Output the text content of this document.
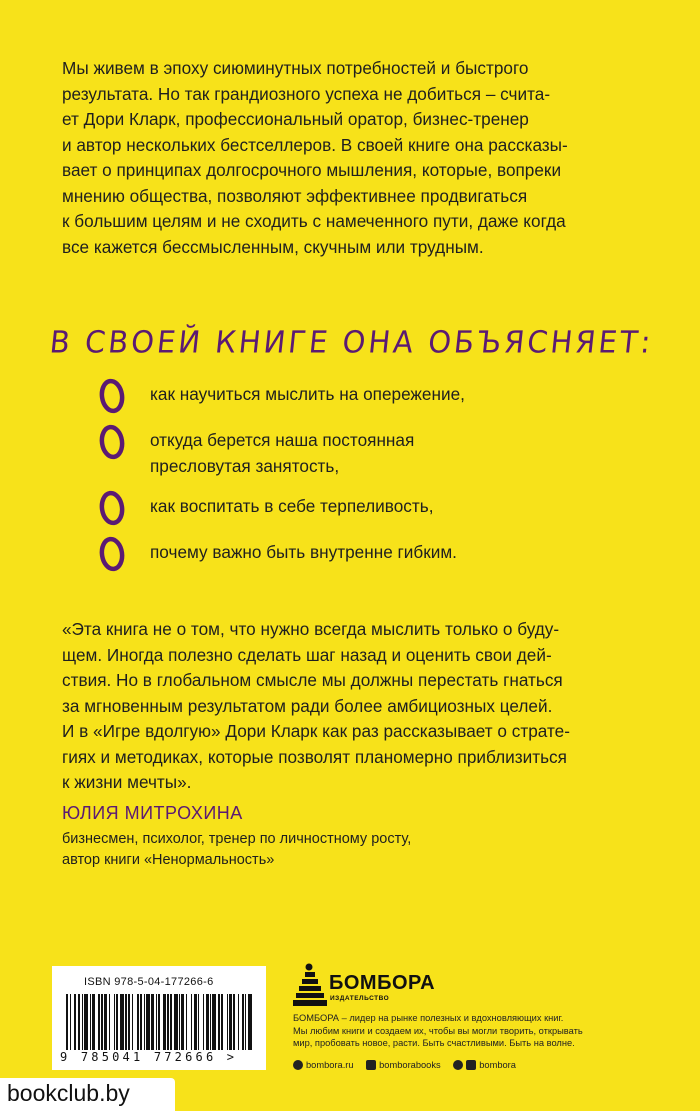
Мы живем в эпоху сиюминутных потребностей и быстрого
результата. Но так грандиозного успеха не добиться – счита-
ет Дори Кларк, профессиональный оратор, бизнес-тренер
и автор нескольких бестселлеров. В своей книге она рассказы-
вает о принципах долгосрочного мышления, которые, вопреки
мнению общества, позволяют эффективнее продвигаться
к большим целям и не сходить с намеченного пути, даже когда
все кажется бессмысленным, скучным или трудным.
В СВОЕЙ КНИГЕ ОНА ОБЪЯСНЯЕТ:
как научиться мыслить на опережение,
откуда берется наша постоянная
пресловутая занятость,
как воспитать в себе терпеливость,
почему важно быть внутренне гибким.
«Эта книга не о том, что нужно всегда мыслить только о буду-
щем. Иногда полезно сделать шаг назад и оценить свои дей-
ствия. Но в глобальном смысле мы должны перестать гнаться
за мгновенным результатом ради более амбициозных целей.
И в «Игре вдолгую» Дори Кларк как раз рассказывает о страте-
гиях и методиках, которые позволят планомерно приблизиться
к жизни мечты».
ЮЛИЯ МИТРОХИНА
бизнесмен, психолог, тренер по личностному росту,
автор книги «Ненормальность»
ISBN 978-5-04-177266-6
9 785041 772666 >
БОМБОРА
ИЗДАТЕЛЬСТВО
БОМБОРА – лидер на рынке полезных и вдохновляющих книг.
Мы любим книги и создаем их, чтобы вы могли творить, открывать
мир, пробовать новое, расти. Быть счастливыми. Быть на волне.
bombora.ru
	bomborabooks
	bombora
bookclub.by
